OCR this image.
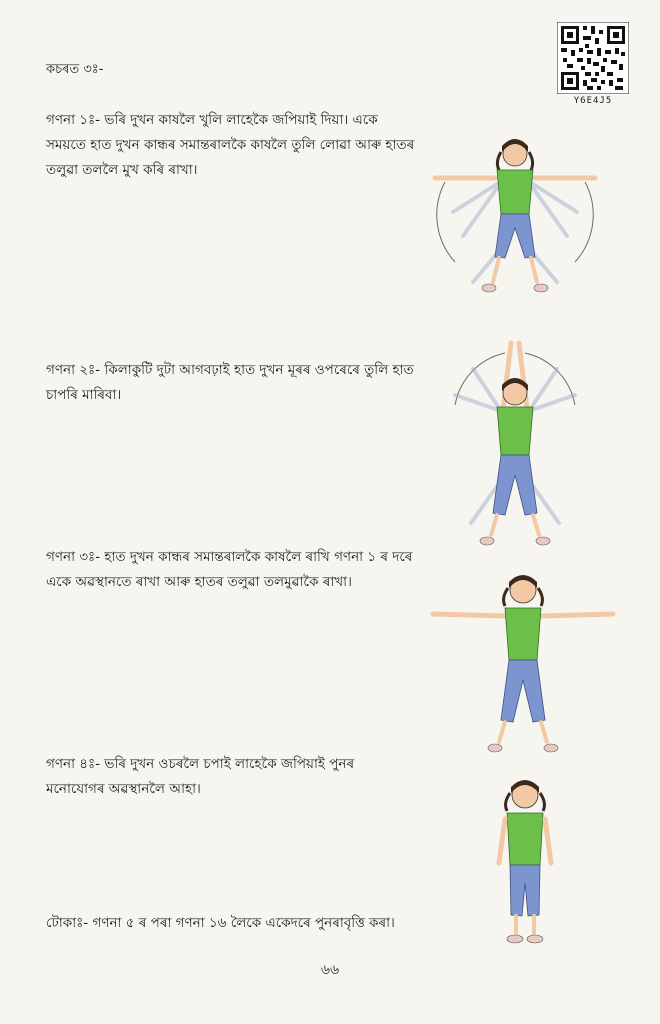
Y6E4J5
কচৰত ৩ঃ-
গণনা ১ঃ- ভৰি দুখন কাষলৈ খুলি লাহেকৈ জপিয়াই দিয়া। একে সময়তে হাত দুখন কান্ধৰ সমান্তৰালকৈ কাষলৈ তুলি লোৱা আৰু হাতৰ তলুৱা তললৈ মুখ কৰি ৰাখা।
গণনা ২ঃ- কিলাকুটি দুটা আগবঢ়াই হাত দুখন মূৰৰ ওপৰেৰে তুলি হাত চাপৰি মাৰিবা।
গণনা ৩ঃ- হাত দুখন কান্ধৰ সমান্তৰালকৈ কাষলৈ ৰাখি গণনা ১ ৰ দৰে একে অৱস্থানতে ৰাখা আৰু হাতৰ তলুৱা তলমুৱাকৈ ৰাখা।
গণনা ৪ঃ- ভৰি দুখন ওচৰলৈ চপাই লাহেকৈ জপিয়াই পুনৰ মনোযোগৰ অৱস্থানলৈ আহা।
টোকাঃ- গণনা ৫ ৰ পৰা গণনা ১৬ লৈকে একেদৰে পুনৰাবৃত্তি কৰা।
৬৬
